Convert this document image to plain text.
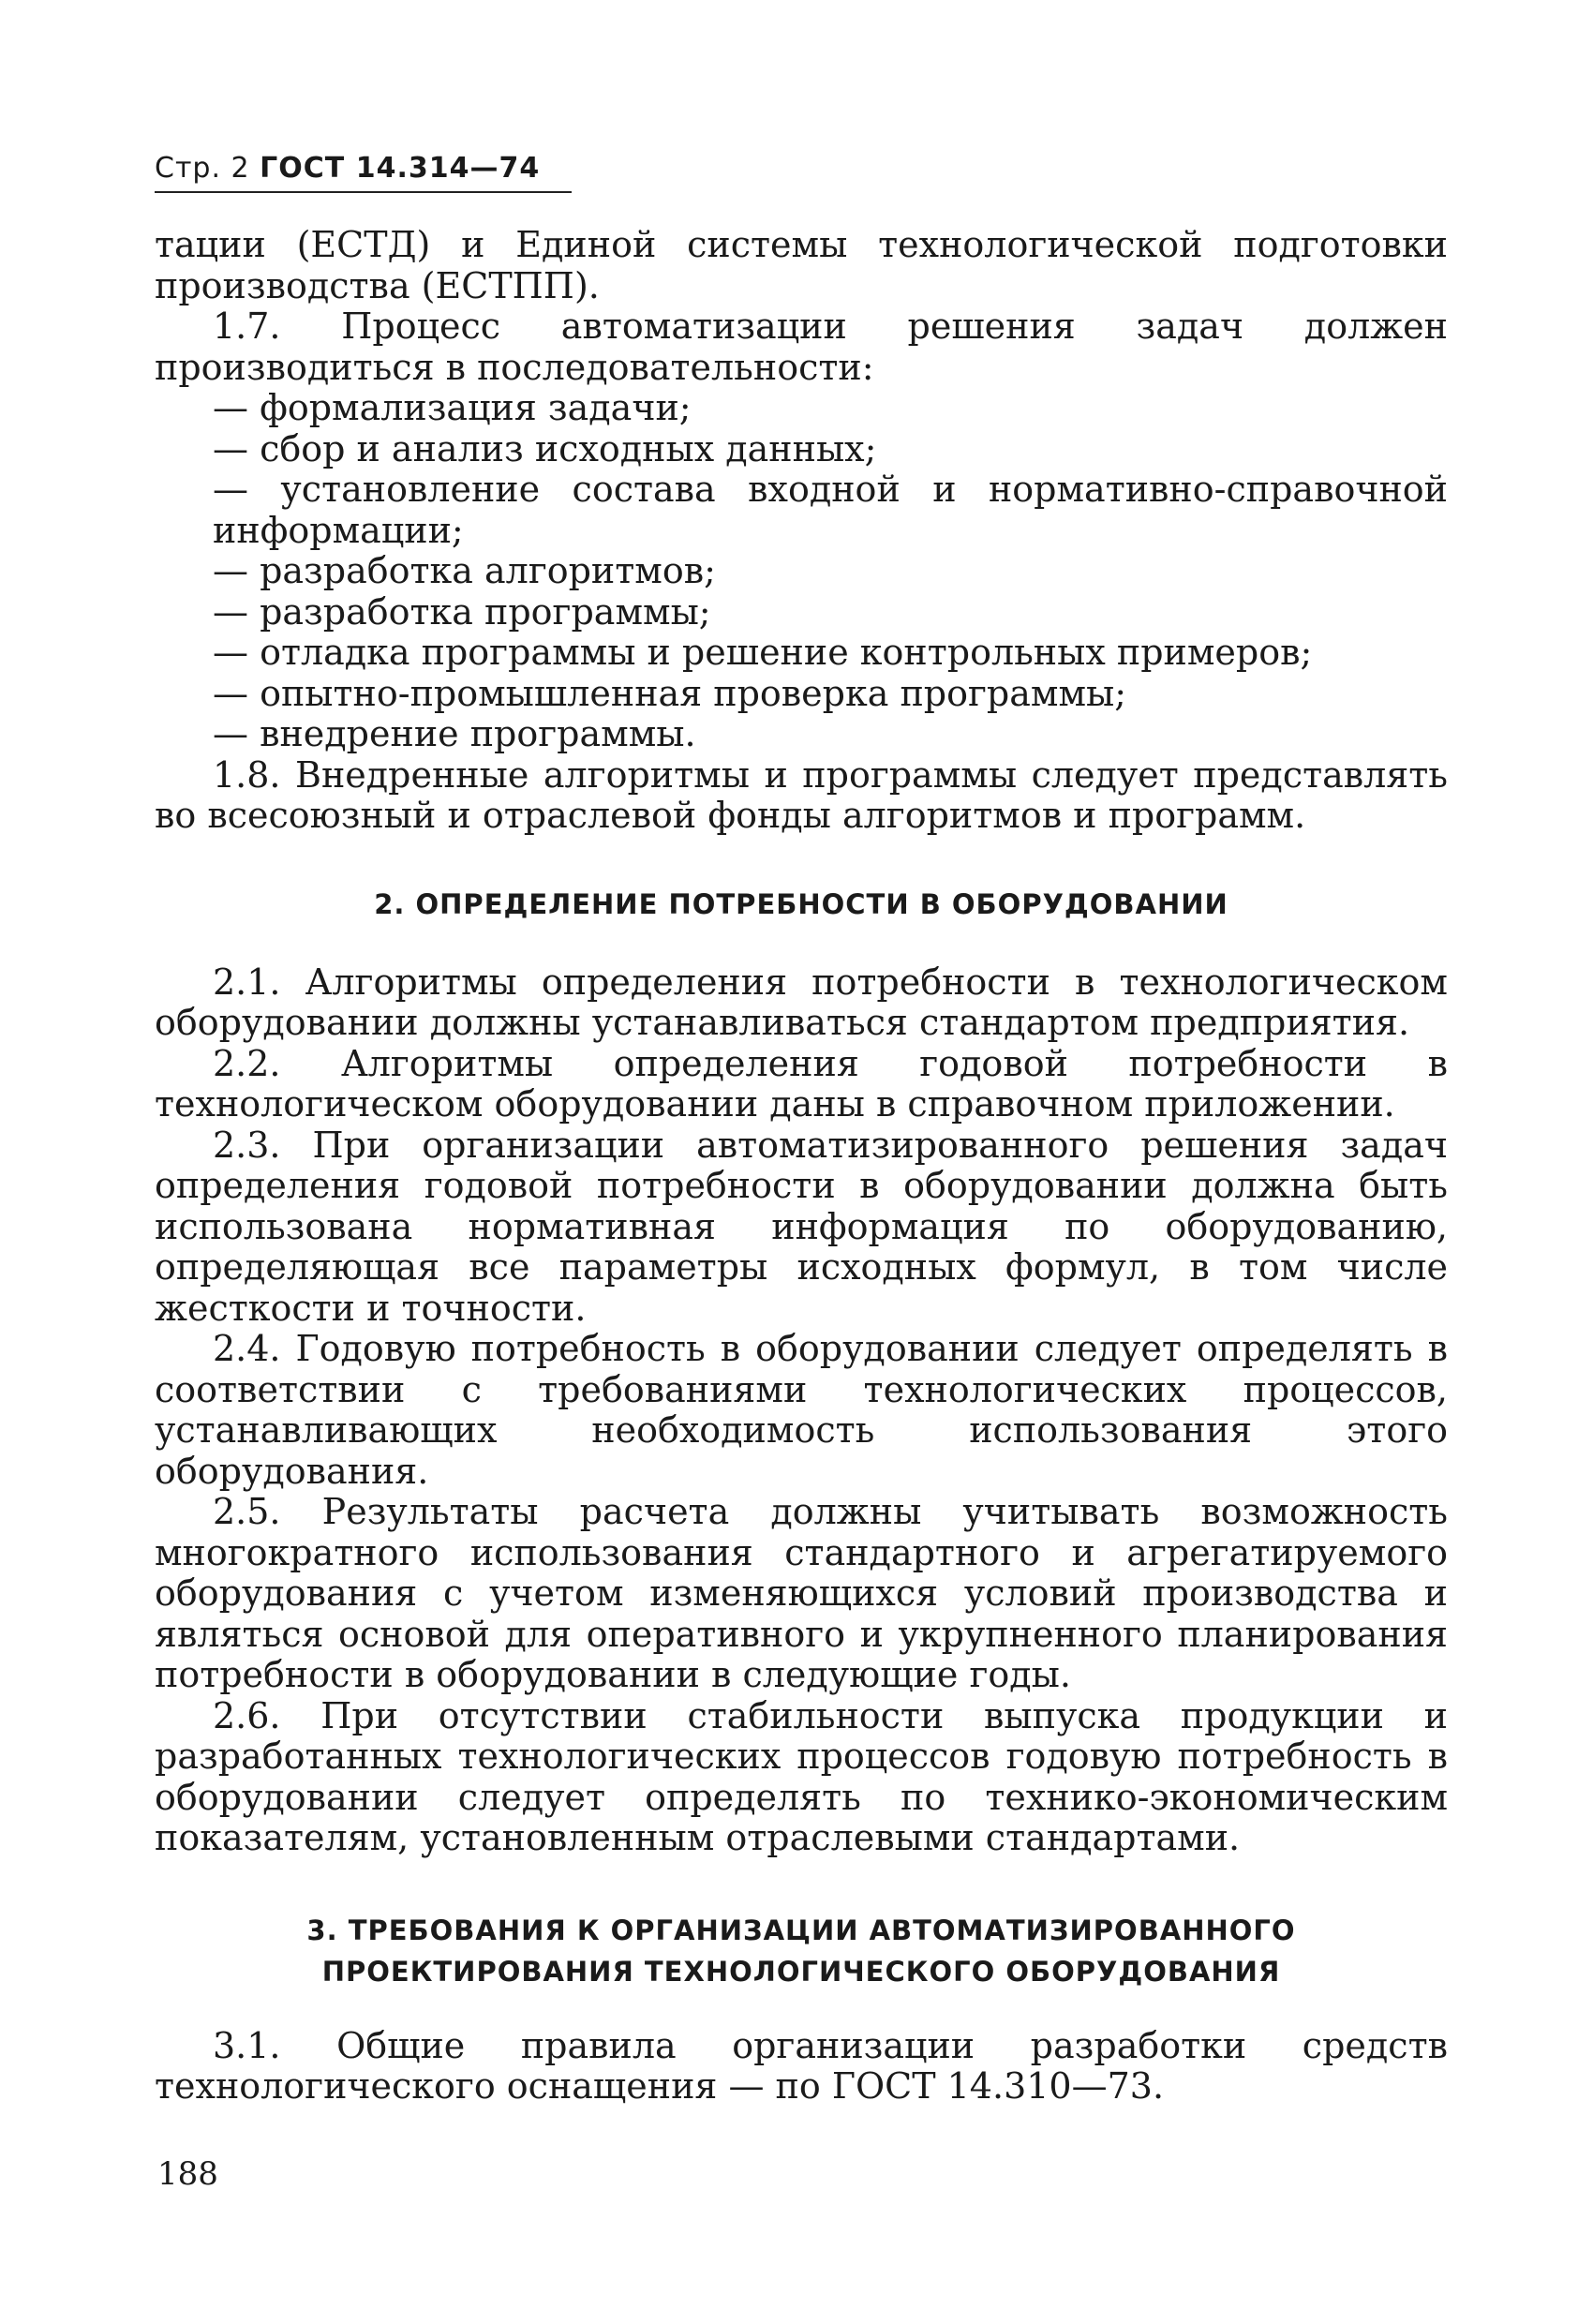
Стр. 2 ГОСТ 14.314—74

тации (ЕСТД) и Единой системы технологической подготовки производства (ЕСТПП).

1.7. Процесс автоматизации решения задач должен производиться в последовательности:

— формализация задачи;

— сбор и анализ исходных данных;

— установление состава входной и нормативно-справочной информации;

— разработка алгоритмов;

— разработка программы;

— отладка программы и решение контрольных примеров;

— опытно-промышленная проверка программы;

— внедрение программы.

1.8. Внедренные алгоритмы и программы следует представлять во всесоюзный и отраслевой фонды алгоритмов и программ.

2. ОПРЕДЕЛЕНИЕ ПОТРЕБНОСТИ В ОБОРУДОВАНИИ

2.1. Алгоритмы определения потребности в технологическом оборудовании должны устанавливаться стандартом предприятия.

2.2. Алгоритмы определения годовой потребности в технологическом оборудовании даны в справочном приложении.

2.3. При организации автоматизированного решения задач определения годовой потребности в оборудовании должна быть использована нормативная информация по оборудованию, определяющая все параметры исходных формул, в том числе жесткости и точности.

2.4. Годовую потребность в оборудовании следует определять в соответствии с требованиями технологических процессов, устанавливающих необходимость использования этого оборудования.

2.5. Результаты расчета должны учитывать возможность многократного использования стандартного и агрегатируемого оборудования с учетом изменяющихся условий производства и являться основой для оперативного и укрупненного планирования потребности в оборудовании в следующие годы.

2.6. При отсутствии стабильности выпуска продукции и разработанных технологических процессов годовую потребность в оборудовании следует определять по технико-экономическим показателям, установленным отраслевыми стандартами.

3. ТРЕБОВАНИЯ К ОРГАНИЗАЦИИ АВТОМАТИЗИРОВАННОГО
ПРОЕКТИРОВАНИЯ ТЕХНОЛОГИЧЕСКОГО ОБОРУДОВАНИЯ

3.1. Общие правила организации разработки средств технологического оснащения — по ГОСТ 14.310—73.

188
